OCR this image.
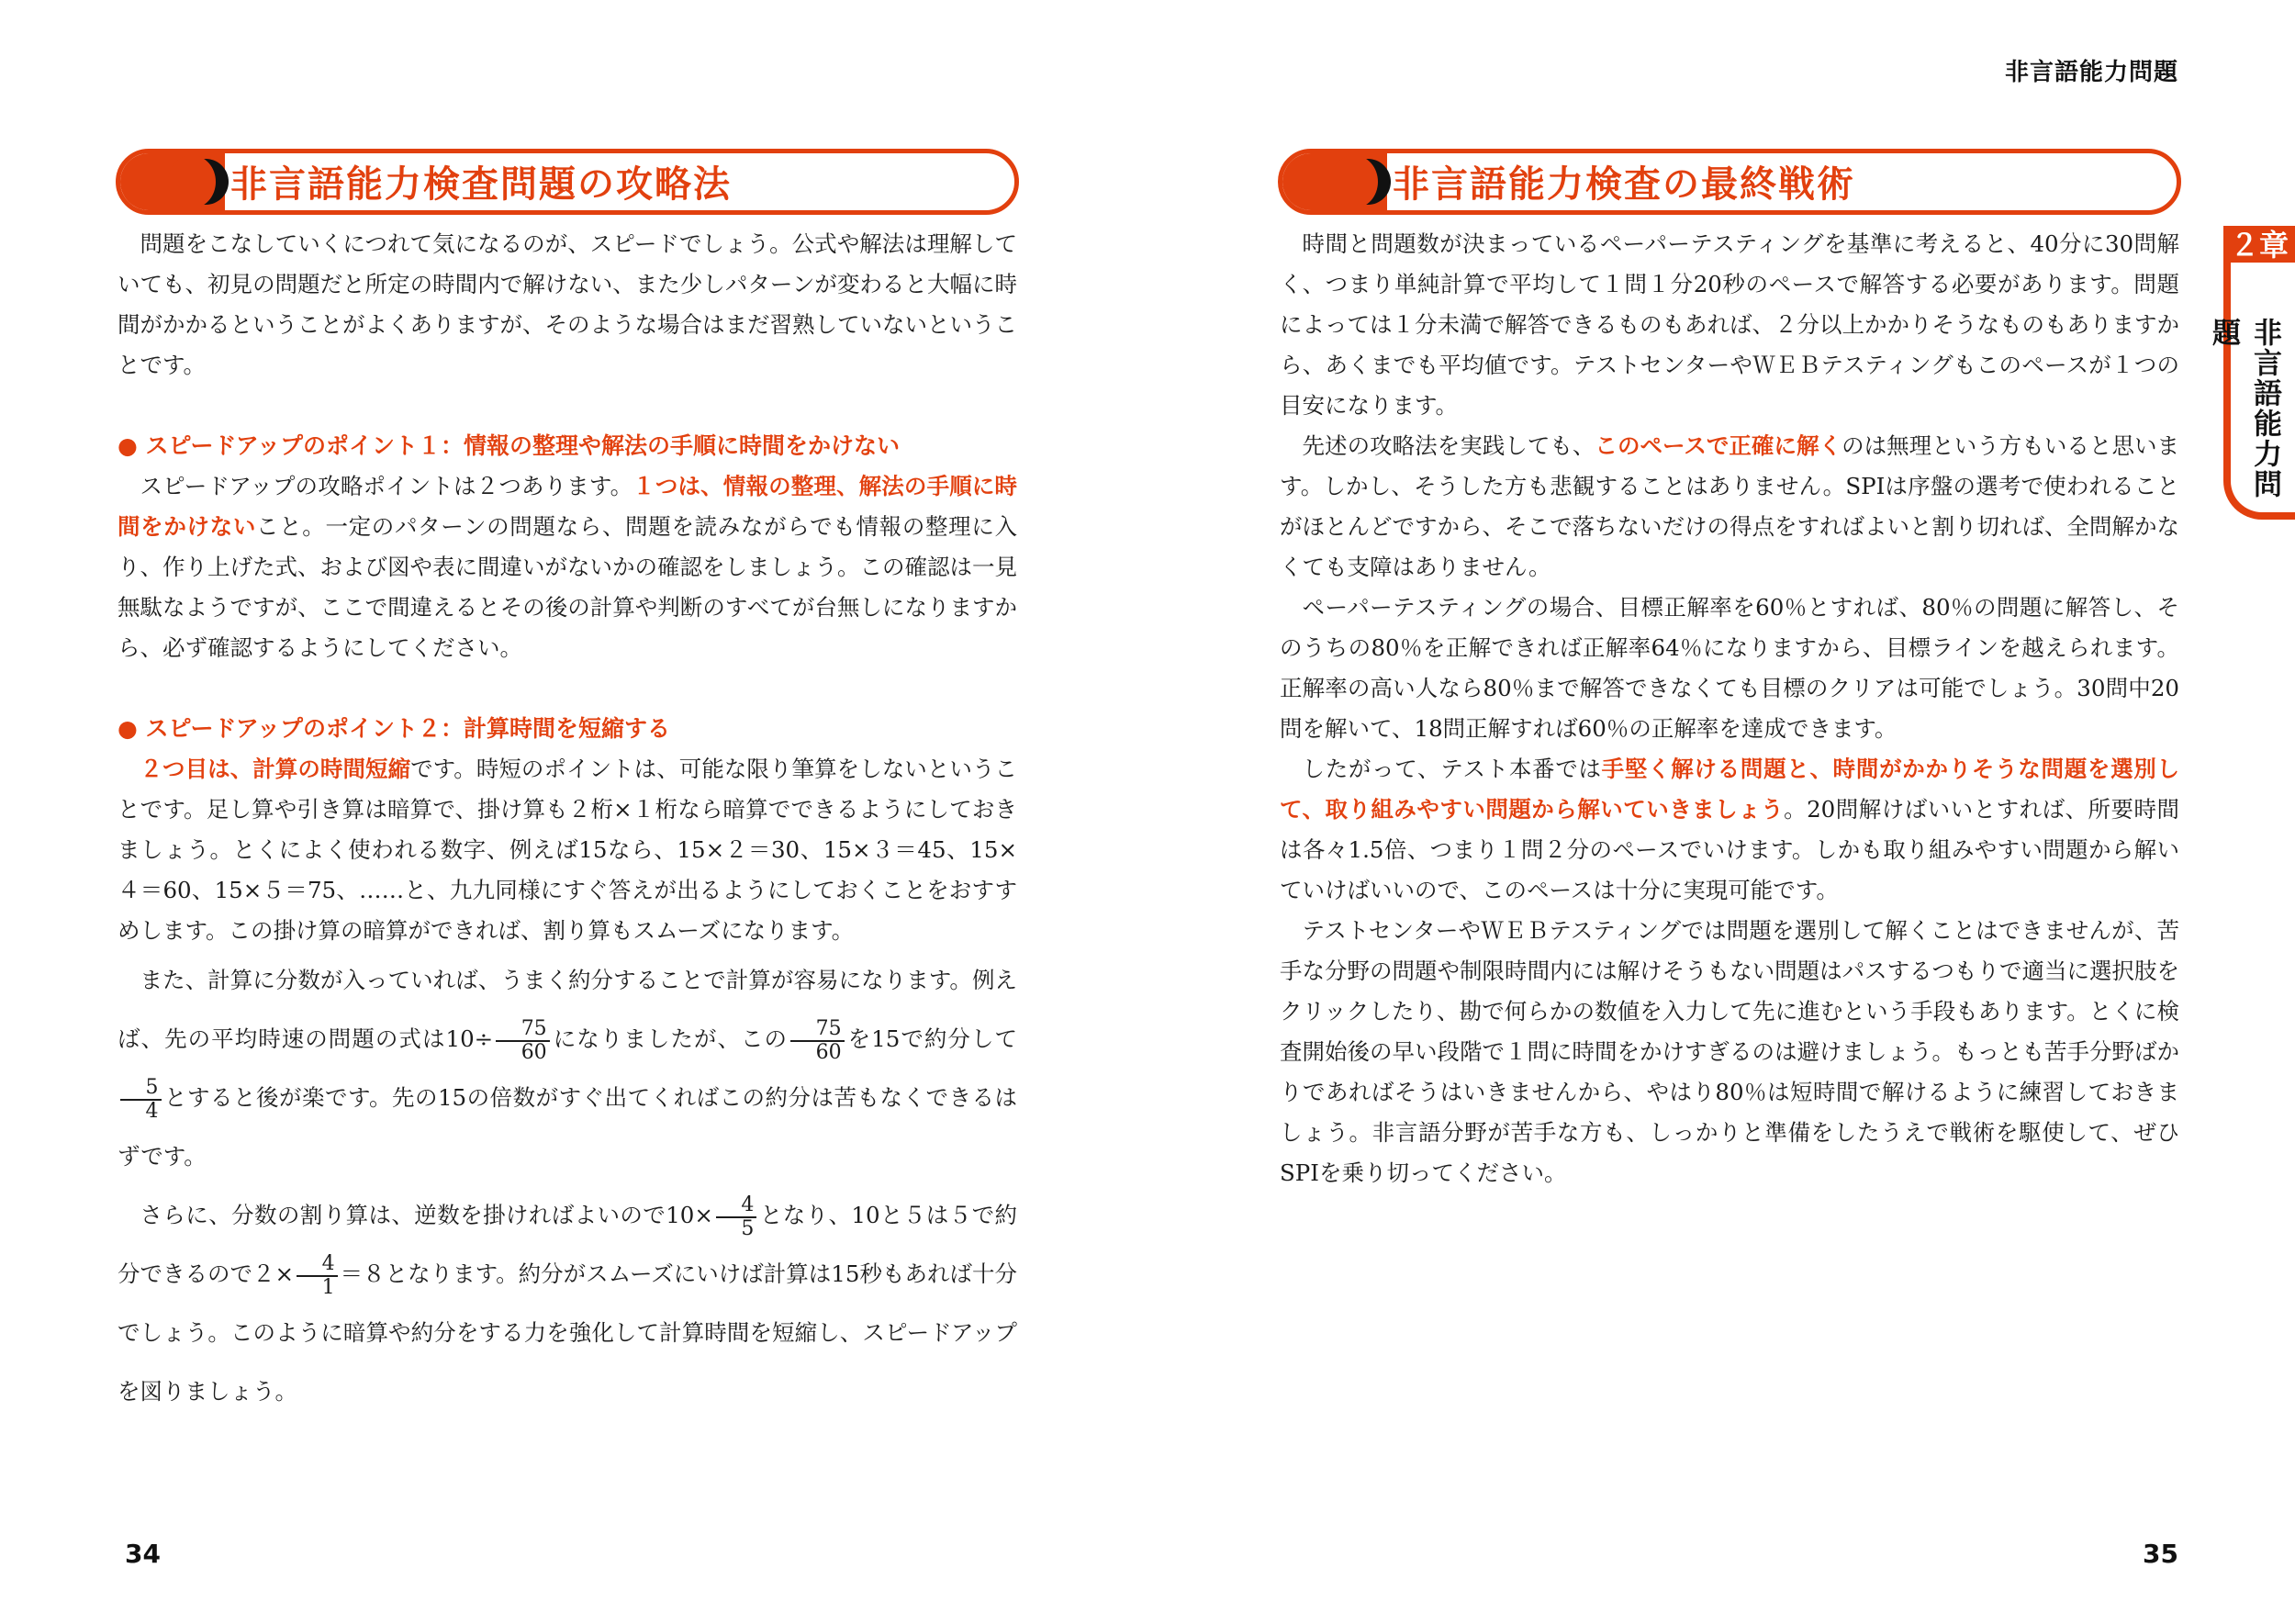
非言語能力検査問題の攻略法

問題をこなしていくにつれて気になるのが、スピードでしょう。公式や解法は理解していても、初見の問題だと所定の時間内で解けない、また少しパターンが変わると大幅に時間がかかるということがよくありますが、そのような場合はまだ習熟していないということです。

● スピードアップのポイント１：情報の整理や解法の手順に時間をかけない

スピードアップの攻略ポイントは２つあります。１つは、情報の整理、解法の手順に時間をかけないこと。一定のパターンの問題なら、問題を読みながらでも情報の整理に入り、作り上げた式、および図や表に間違いがないかの確認をしましょう。この確認は一見無駄なようですが、ここで間違えるとその後の計算や判断のすべてが台無しになりますから、必ず確認するようにしてください。

● スピードアップのポイント２：計算時間を短縮する

２つ目は、計算の時間短縮です。時短のポイントは、可能な限り筆算をしないということです。足し算や引き算は暗算で、掛け算も２桁×１桁なら暗算でできるようにしておきましょう。とくによく使われる数字、例えば15なら、15×２＝30、15×３＝45、15×４＝60、15×５＝75、……と、九九同様にすぐ答えが出るようにしておくことをおすすめします。この掛け算の暗算ができれば、割り算もスムーズになります。

また、計算に分数が入っていれば、うまく約分することで計算が容易になります。例えば、先の平均時速の問題の式は$10\div \frac{75}{60}$ になりましたが、この $\frac{75}{60}$ を15で約分して
$\frac{5}{4}$ とすると後が楽です。先の15の倍数がすぐ出てくればこの約分は苦もなくできるはずです。

さらに、分数の割り算は、逆数を掛ければよいので$10\times \frac{4}{5}$ となり、10と５は５で約分できるので$2\times \frac{4}{1} =8$となります。約分がスムーズにいけば計算は15秒もあれば十分でしょう。このように暗算や約分をする力を強化して計算時間を短縮し、スピードアップを図りましょう。

34
非言語能力問題
非言語能力検査の最終戦術

時間と問題数が決まっているペーパーテスティングを基準に考えると、40分に30問解く、つまり単純計算で平均して１問１分20秒のペースで解答する必要があります。問題によっては１分未満で解答できるものもあれば、２分以上かかりそうなものもありますから、あくまでも平均値です。テストセンターやＷＥＢテスティングもこのペースが１つの目安になります。

先述の攻略法を実践しても、このペースで正確に解くのは無理という方もいると思います。しかし、そうした方も悲観することはありません。SPIは序盤の選考で使われることがほとんどですから、そこで落ちないだけの得点をすればよいと割り切れば、全問解かなくても支障はありません。

ペーパーテスティングの場合、目標正解率を60％とすれば、80％の問題に解答し、そのうちの80％を正解できれば正解率64％になりますから、目標ラインを越えられます。正解率の高い人なら80％まで解答できなくても目標のクリアは可能でしょう。30問中20問を解いて、18問正解すれば60％の正解率を達成できます。

したがって、テスト本番では手堅く解ける問題と、時間がかかりそうな問題を選別して、取り組みやすい問題から解いていきましょう。20問解けばいいとすれば、所要時間は各々1.5倍、つまり１問２分のペースでいけます。しかも取り組みやすい問題から解いていけばいいので、このペースは十分に実現可能です。

テストセンターやＷＥＢテスティングでは問題を選別して解くことはできませんが、苦手な分野の問題や制限時間内には解けそうもない問題はパスするつもりで適当に選択肢をクリックしたり、勘で何らかの数値を入力して先に進むという手段もあります。とくに検査開始後の早い段階で１問に時間をかけすぎるのは避けましょう。もっとも苦手分野ばかりであればそうはいきませんから、やはり80％は短時間で解けるように練習しておきましょう。非言語分野が苦手な方も、しっかりと準備をしたうえで戦術を駆使して、ぜひSPIを乗り切ってください。

35
２章
非言語能力問題
